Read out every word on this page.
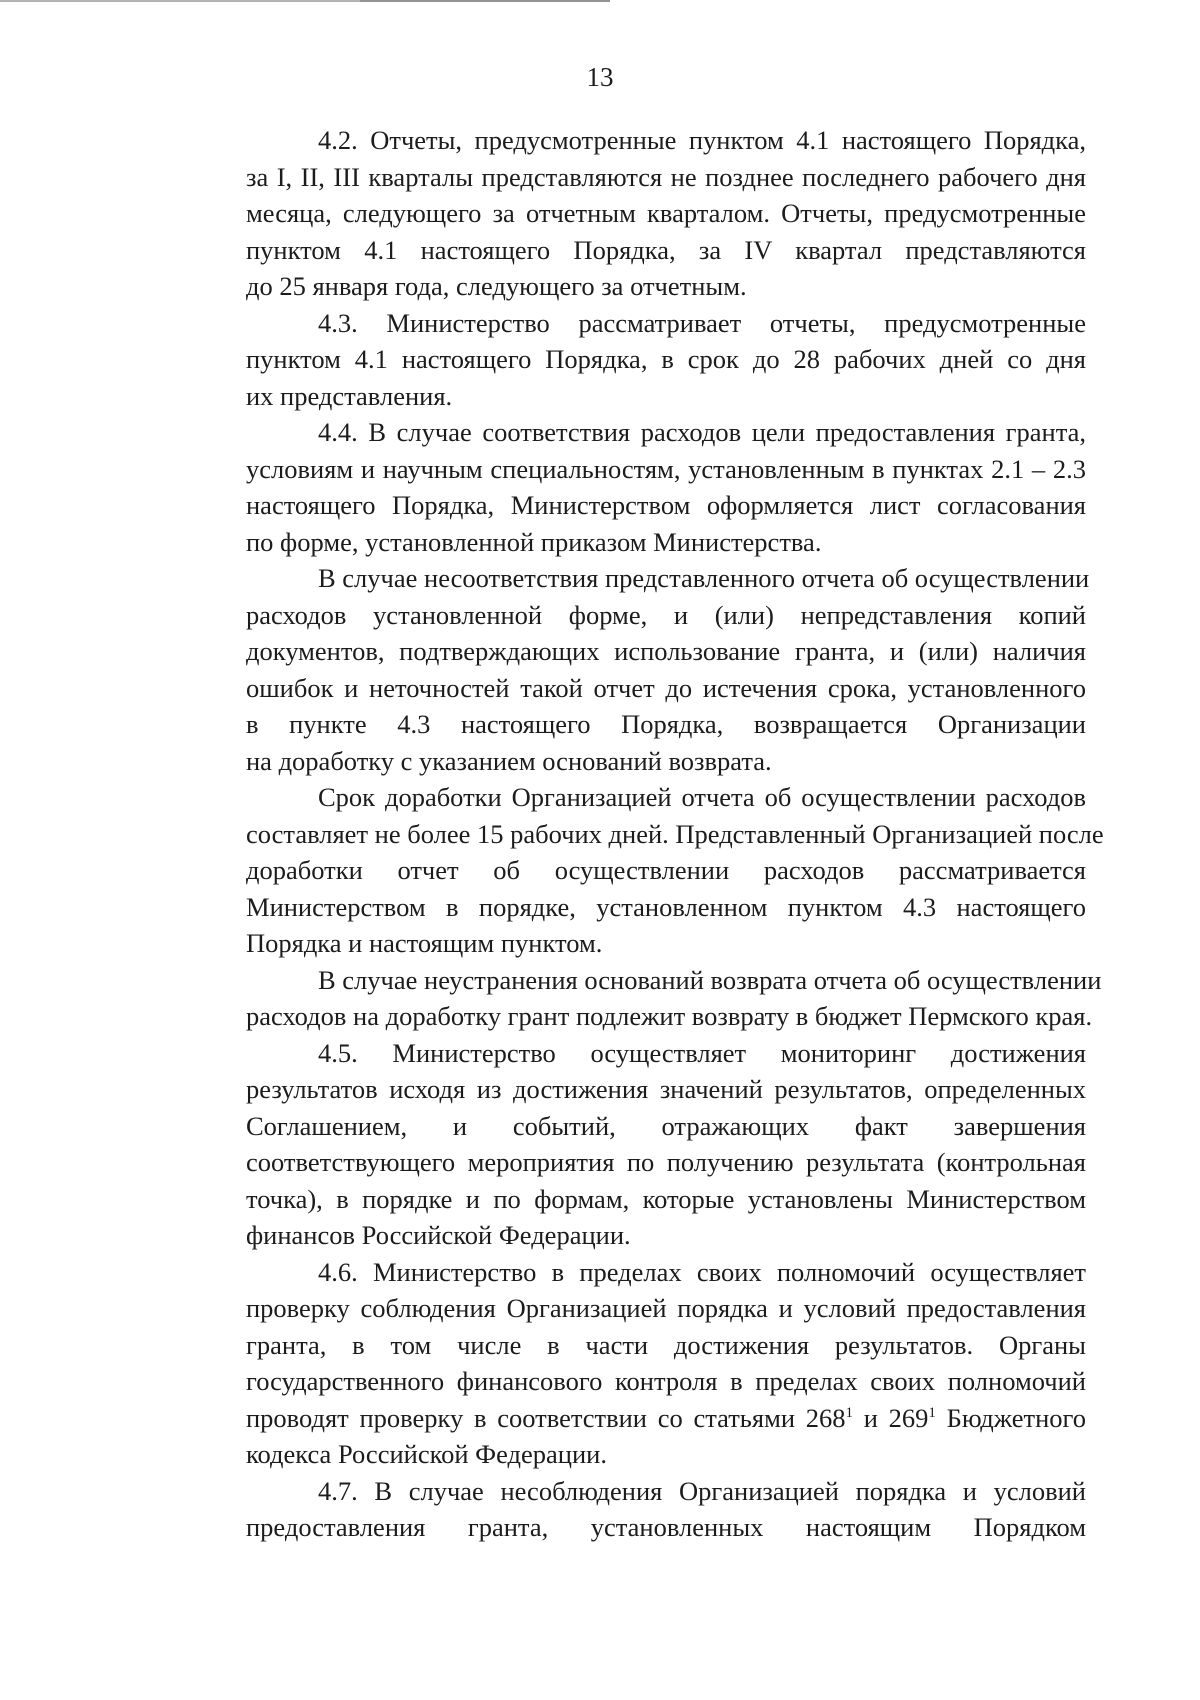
13
4.2. Отчеты, предусмотренные пунктом 4.1 настоящего Порядка,
за I, II, III кварталы представляются не позднее последнего рабочего дня
месяца, следующего за отчетным кварталом. Отчеты, предусмотренные
пунктом 4.1 настоящего Порядка, за IV квартал представляются
до 25 января года, следующего за отчетным.
4.3. Министерство рассматривает отчеты, предусмотренные
пунктом 4.1 настоящего Порядка, в срок до 28 рабочих дней со дня
их представления.
4.4. В случае соответствия расходов цели предоставления гранта,
условиям и научным специальностям, установленным в пунктах 2.1 – 2.3
настоящего Порядка, Министерством оформляется лист согласования
по форме, установленной приказом Министерства.
В случае несоответствия представленного отчета об осуществлении
расходов установленной форме, и (или) непредставления копий
документов, подтверждающих использование гранта, и (или) наличия
ошибок и неточностей такой отчет до истечения срока, установленного
в пункте 4.3 настоящего Порядка, возвращается Организации
на доработку с указанием оснований возврата.
Срок доработки Организацией отчета об осуществлении расходов
составляет не более 15 рабочих дней. Представленный Организацией после
доработки отчет об осуществлении расходов рассматривается
Министерством в порядке, установленном пунктом 4.3 настоящего
Порядка и настоящим пунктом.
В случае неустранения оснований возврата отчета об осуществлении
расходов на доработку грант подлежит возврату в бюджет Пермского края.
4.5. Министерство осуществляет мониторинг достижения
результатов исходя из достижения значений результатов, определенных
Соглашением, и событий, отражающих факт завершения
соответствующего мероприятия по получению результата (контрольная
точка), в порядке и по формам, которые установлены Министерством
финансов Российской Федерации.
4.6. Министерство в пределах своих полномочий осуществляет
проверку соблюдения Организацией порядка и условий предоставления
гранта, в том числе в части достижения результатов. Органы
государственного финансового контроля в пределах своих полномочий
проводят проверку в соответствии со статьями $268^1$ и $269^1$ Бюджетного
кодекса Российской Федерации.
4.7. В случае несоблюдения Организацией порядка и условий
предоставления гранта, установленных настоящим Порядком
